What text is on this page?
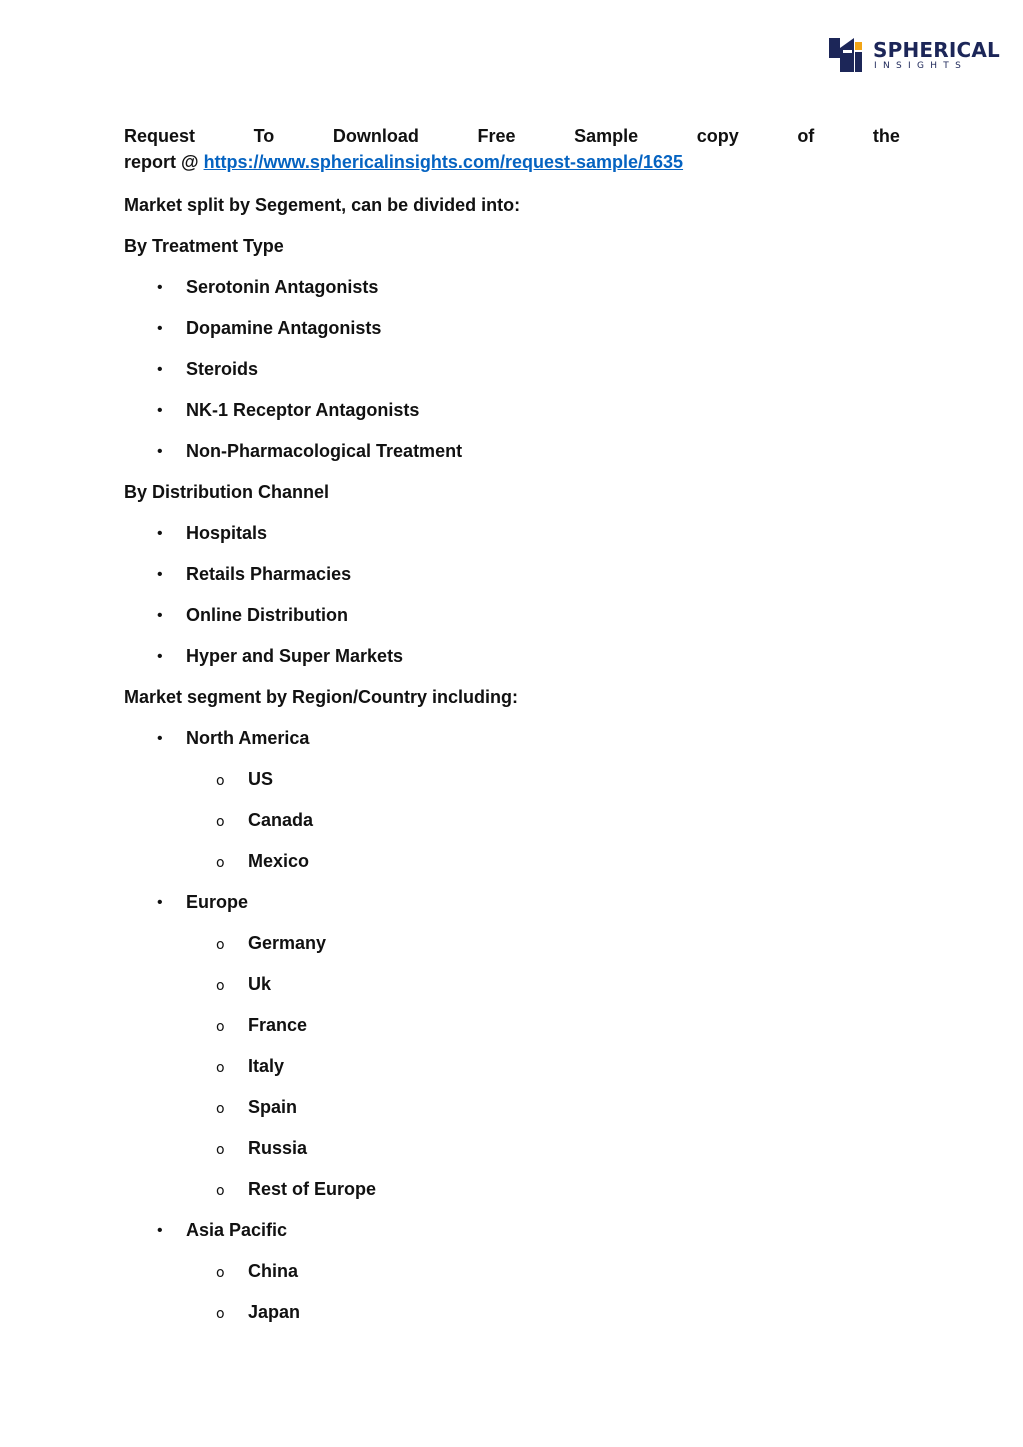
SPHERICAL
INSIGHTS
Request	To	Download	Free	Sample	copy	of	the
report @ https://www.sphericalinsights.com/request-sample/1635
Market split by Segement, can be divided into:
By Treatment Type
• Serotonin Antagonists
• Dopamine Antagonists
• Steroids
• NK-1 Receptor Antagonists
• Non-Pharmacological Treatment
By Distribution Channel
• Hospitals
• Retails Pharmacies
• Online Distribution
• Hyper and Super Markets
Market segment by Region/Country including:
• North America
o US
o Canada
o Mexico
• Europe
o Germany
o Uk
o France
o Italy
o Spain
o Russia
o Rest of Europe
• Asia Pacific
o China
o Japan
